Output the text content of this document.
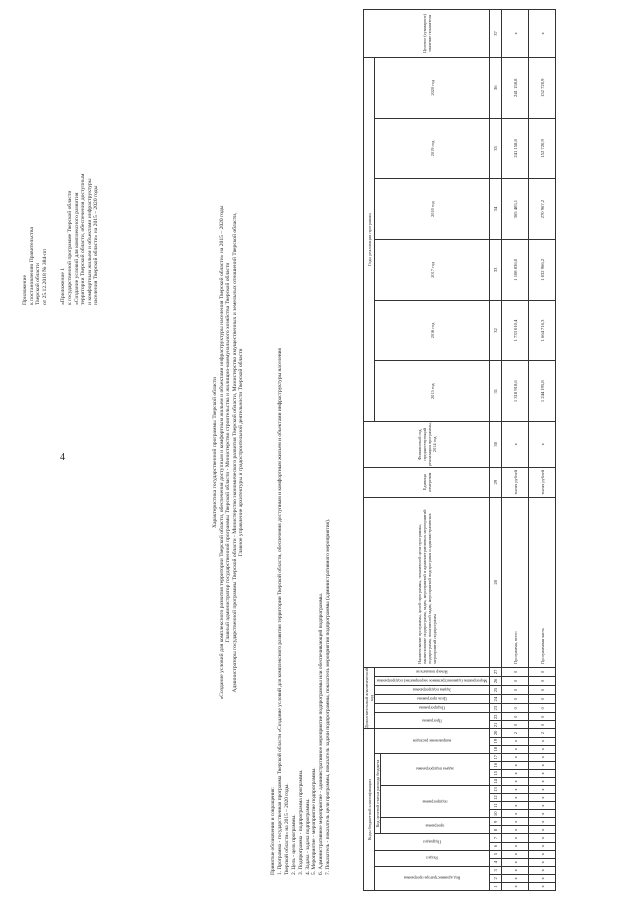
4

Приложение к постановлению Правительства Тверской области от 25.12.2018 № 384-пп «Приложение 1 к государственной программе Тверской области «Создание условий для комплексного развития территории Тверской области, обеспечения доступным и комфортным жильем и объектами инфраструктуры населения Тверской области» на 2015 – 2020 годы

Характеристика государственной программы Тверской области «Создание условий для комплексного развития территории Тверской области, обеспечения доступным и комфортным жильем и объектами инфраструктуры населения Тверской области» на 2015 – 2020 годы Главный администратор государственной программы Тверской области - Министерство строительства и жилищно-коммунального хозяйства Тверской области Администраторы государственной программы Тверской области - Министерство экономического развития Тверской области, Министерство имущественных и земельных отношений Тверской области, Главное управление архитектуры и градостроительной деятельности Тверской области

Принятые обозначения и сокращения: 1. Программа - государственная программа Тверской области «Создание условий для комплексного развития территории Тверской области, обеспечения доступным и комфортным жильем и объектами инфраструктуры населения Тверской области» на 2015 – 2020 годы. 2. Цель - цель программы. 3. Подпрограмма - подпрограмма программы. 4. Задача - задача подпрограммы. 5. Мероприятие - мероприятие подпрограммы. 6. Административное мероприятие - административное мероприятие подпрограммы или обеспечивающей подпрограммы. 7. Показатель - показатель цели программы, показатель задачи подпрограммы, показатель мероприятия подпрограммы (административного мероприятия).	Коды бюджетной классификации																				Дополнительный аналитический код							Наименование программы, целей программы, показателей цели программы, наименование подпрограмм, задач, мероприятий и административных мероприятий подпрограмм, показателей задач, мероприятий подпрограмм и административных мероприятий подпрограмм	Единица измерения	Финансовый год, предшествующий реализации программы, 2014 год	Годы реализации программы						Целевое (суммарное) значение показателя

Код администратора программы			Раздел		Подраздел		Код целевой статьи расхода бюджета										направление расходов			Программа		Подпрограмма	Цель программы	Задача подпрограммы	Мероприятие (административное мероприятие) подпрограммы	Номер показателя				2015 год	2016 год	2017 год	2018 год	2019 год	2020 год	

							программа		подпрограмма				задача подпрограммы																							

1	2	3	4	5	6	7	8	9	10	11	12	13	14	15	16	17	18	19	20	21	22	23	24	25	26	27	28	29	30	31	32	33	34	35	36	37
x	x	x	x	x	x	x	x	x	x	x	x	x	x	x	x	x	x	x	2	0	0	0	0	0	0	0	Программа, всего	тысяч рублей	x	1 318 918,6	1 733 010,4	1 108 836,0	365 405,1	241 158,8	241 158,8	x
x	x	x	x	x	x	x	x	x	x	x	x	x	x	x	x	x	x	x	2	0	0	0	0	0	0	0	Программная часть	тысяч рублей	x	1 244 195,8	1 664 716,3	1 032 966,2	270 967,2	152 720,9	152 720,9	x
